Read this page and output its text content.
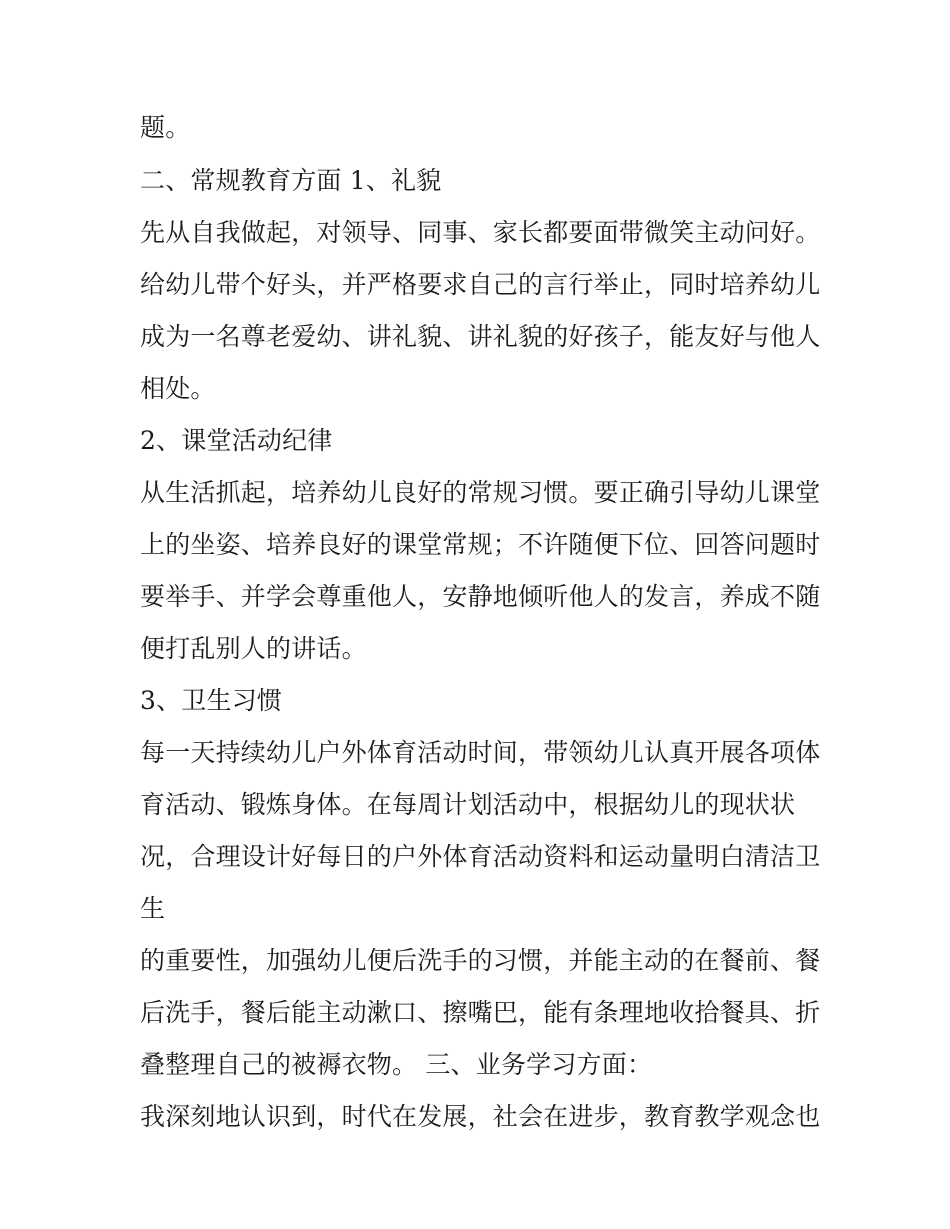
题。
二、常规教育方面 1、礼貌
先从自我做起，对领导、同事、家长都要面带微笑主动问好。
给幼儿带个好头，并严格要求自己的言行举止，同时培养幼儿
成为一名尊老爱幼、讲礼貌、讲礼貌的好孩子，能友好与他人
相处。
2、课堂活动纪律
从生活抓起，培养幼儿良好的常规习惯。要正确引导幼儿课堂
上的坐姿、培养良好的课堂常规；不许随便下位、回答问题时
要举手、并学会尊重他人，安静地倾听他人的发言，养成不随
便打乱别人的讲话。
3、卫生习惯
每一天持续幼儿户外体育活动时间，带领幼儿认真开展各项体
育活动、锻炼身体。在每周计划活动中，根据幼儿的现状状
况，合理设计好每日的户外体育活动资料和运动量明白清洁卫
生
的重要性，加强幼儿便后洗手的习惯，并能主动的在餐前、餐
后洗手，餐后能主动漱口、擦嘴巴，能有条理地收拾餐具、折
叠整理自己的被褥衣物。 三、业务学习方面：
我深刻地认识到，时代在发展，社会在进步，教育教学观念也
